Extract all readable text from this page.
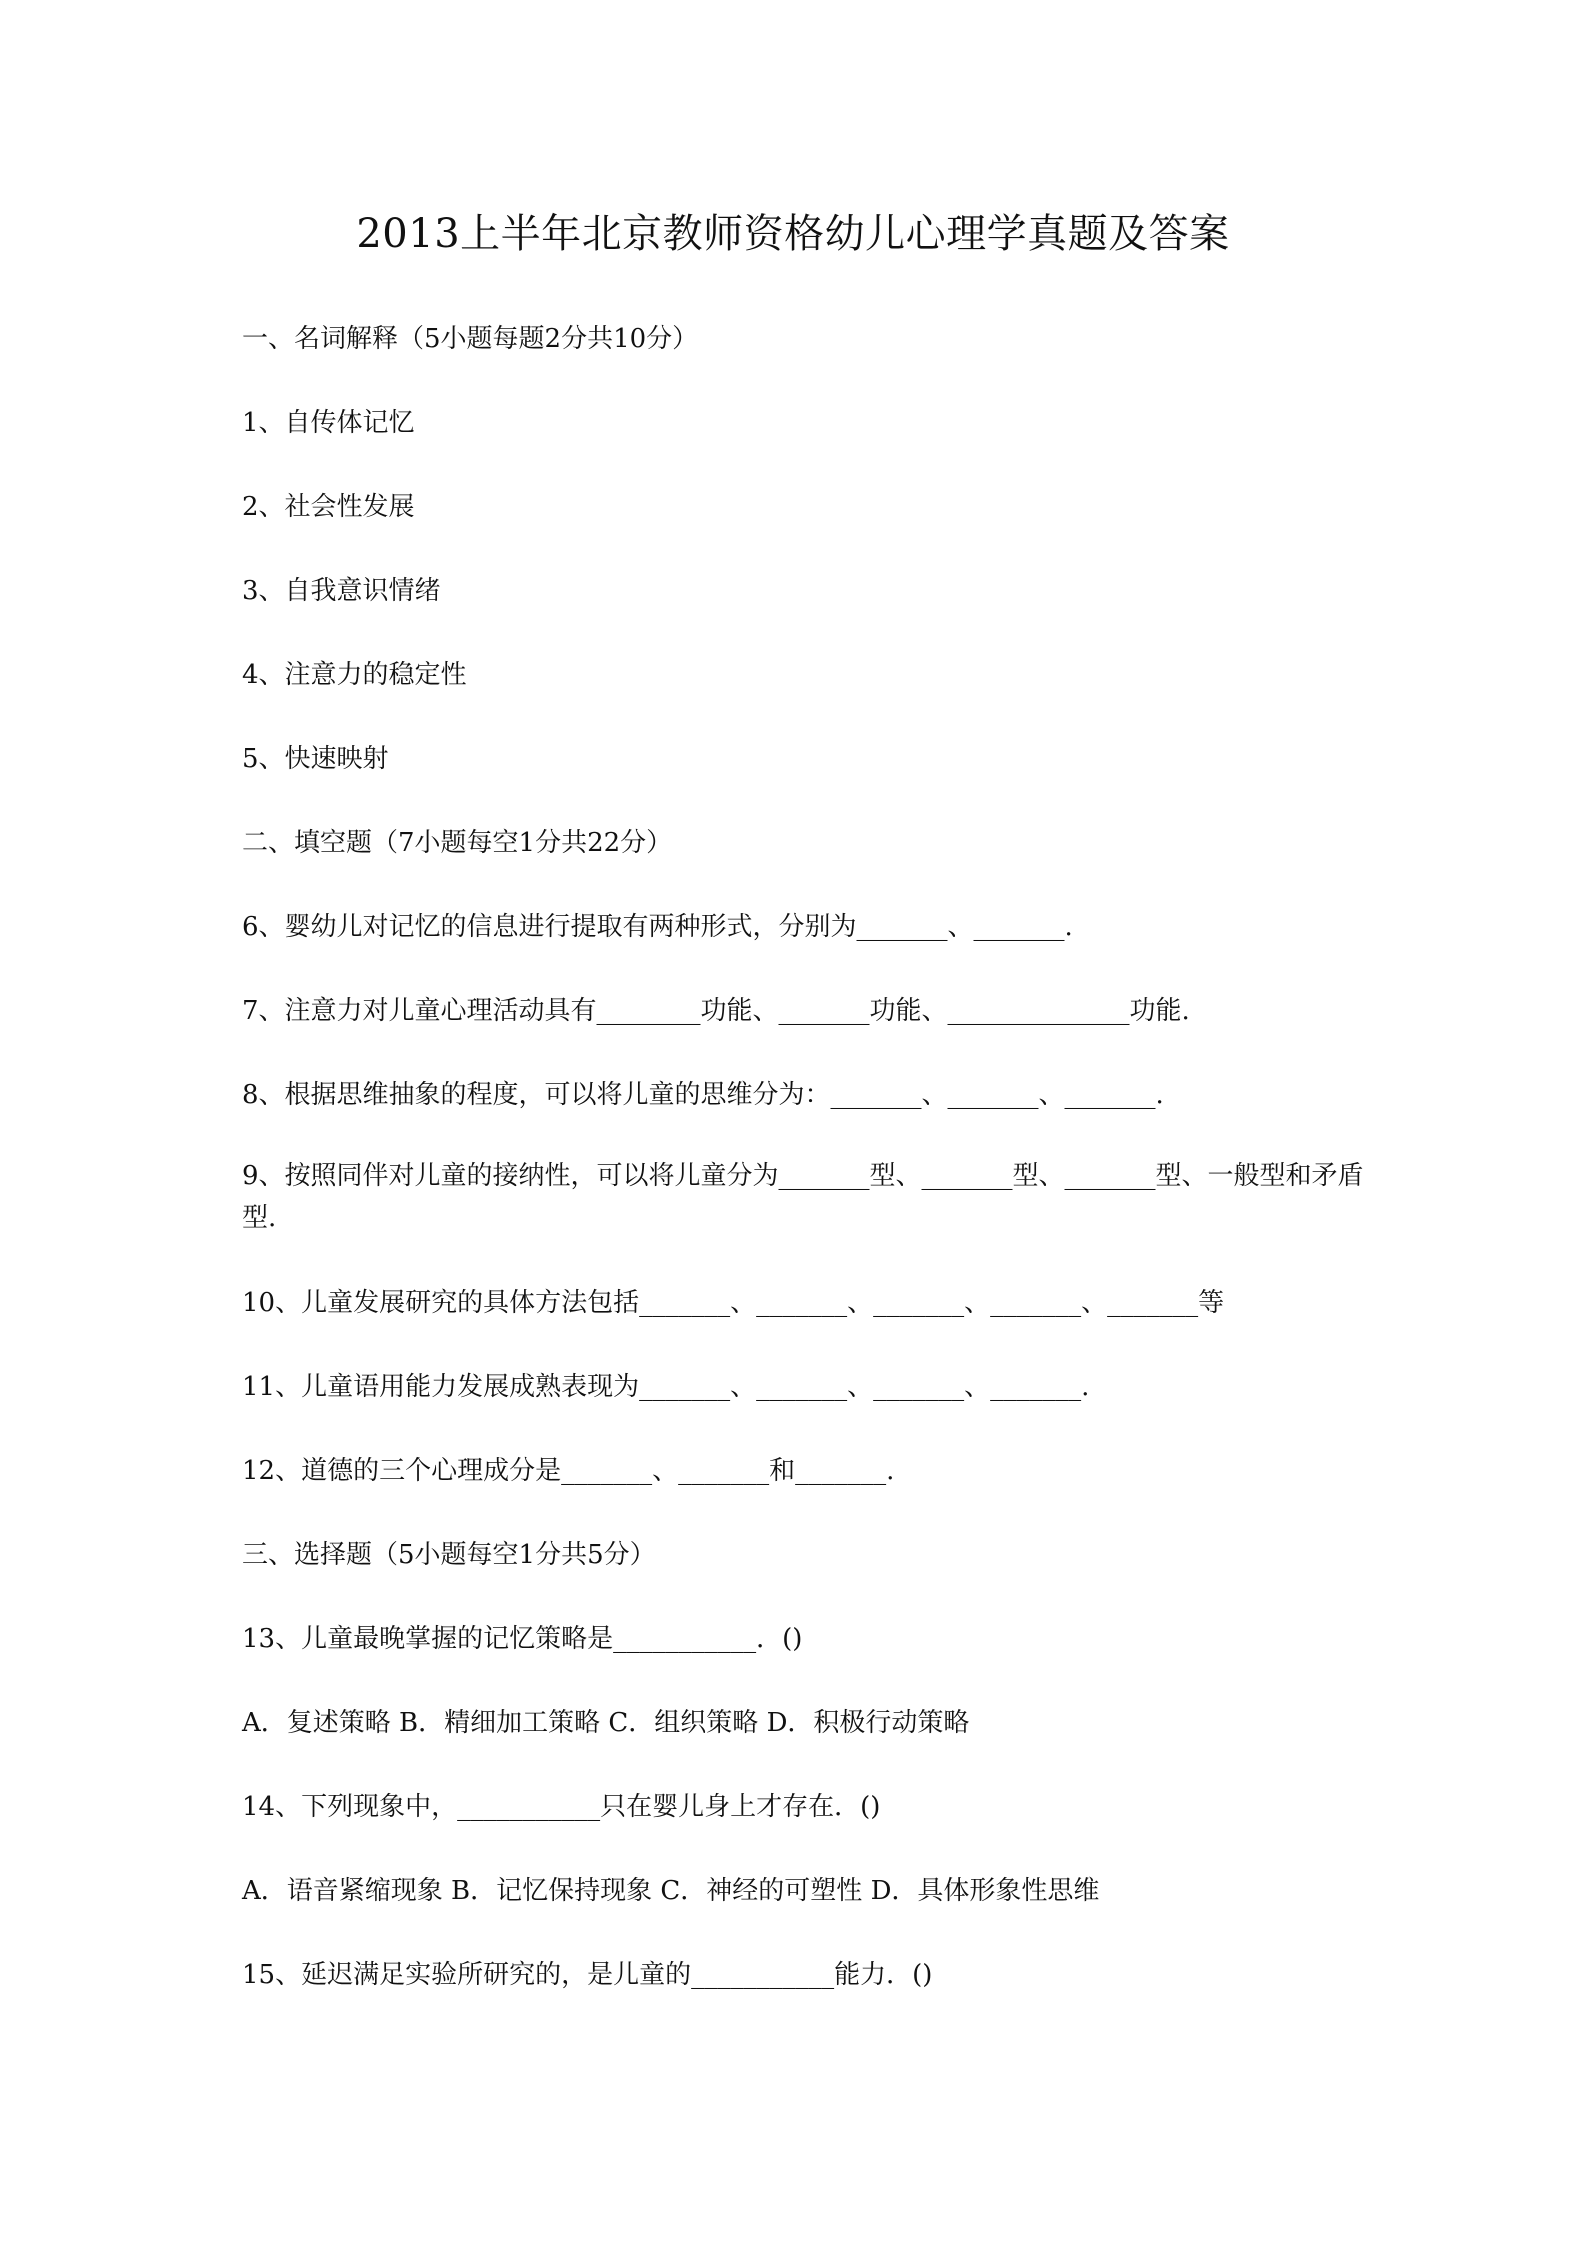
2013上半年北京教师资格幼儿心理学真题及答案
一、名词解释（5小题每题2分共10分）
1、自传体记忆
2、社会性发展
3、自我意识情绪
4、注意力的稳定性
5、快速映射
二、填空题（7小题每空1分共22分）
6、婴幼儿对记忆的信息进行提取有两种形式，分别为_______、_______.
7、注意力对儿童心理活动具有________功能、_______功能、______________功能.
8、根据思维抽象的程度，可以将儿童的思维分为：_______、_______、_______.
9、按照同伴对儿童的接纳性，可以将儿童分为_______型、_______型、_______型、一般型和矛盾型.
10、儿童发展研究的具体方法包括_______、_______、_______、_______、_______等
11、儿童语用能力发展成熟表现为_______、_______、_______、_______.
12、道德的三个心理成分是_______、_______和_______.
三、选择题（5小题每空1分共5分）
13、儿童最晚掌握的记忆策略是___________．()
A．复述策略 B．精细加工策略 C．组织策略 D．积极行动策略
14、下列现象中，___________只在婴儿身上才存在．()
A．语音紧缩现象 B．记忆保持现象 C．神经的可塑性 D．具体形象性思维
15、延迟满足实验所研究的，是儿童的___________能力．()
